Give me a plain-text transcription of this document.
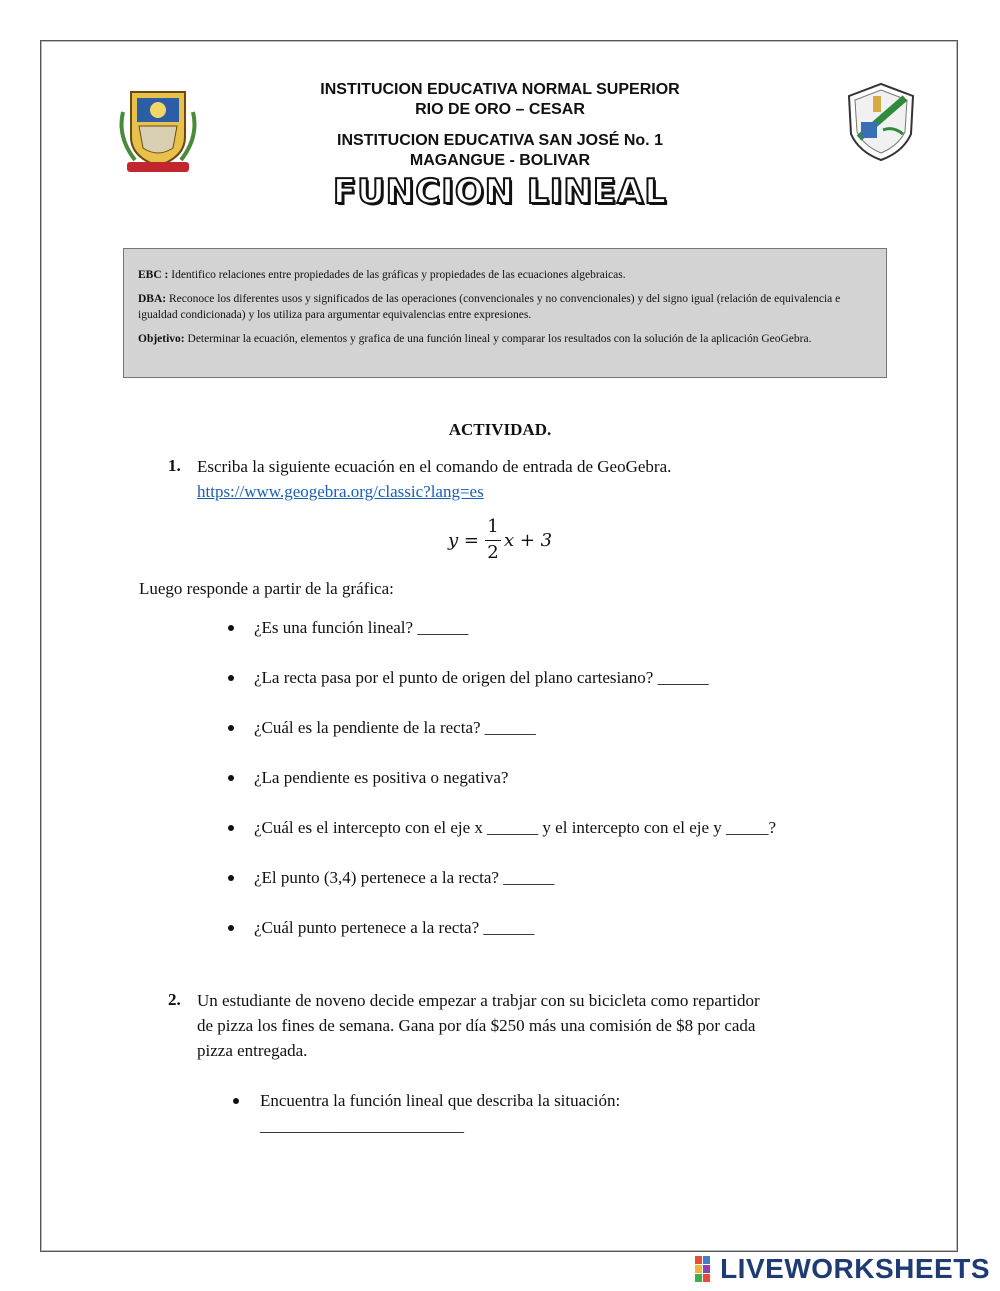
INSTITUCION EDUCATIVA NORMAL SUPERIOR
RIO DE ORO – CESAR
INSTITUCION EDUCATIVA SAN JOSÉ No. 1
MAGANGUE - BOLIVAR
FUNCION LINEAL

EBC : Identifico relaciones entre propiedades de las gráficas y propiedades de las ecuaciones algebraicas.

DBA: Reconoce los diferentes usos y significados de las operaciones (convencionales y no convencionales) y del signo igual (relación de equivalencia e igualdad condicionada) y los utiliza para argumentar equivalencias entre expresiones.

Objetivo: Determinar la ecuación, elementos y grafica de una función lineal y comparar los resultados con la solución de la aplicación GeoGebra.

ACTIVIDAD.
1. Escriba la siguiente ecuación en el comando de entrada de GeoGebra.
https://www.geogebra.org/classic?lang=es
y =
1
2
x + 3
Luego responde a partir de la gráfica:
¿Es una función lineal? ______
¿La recta pasa por el punto de origen del plano cartesiano? ______
¿Cuál es la pendiente de la recta? ______
¿La pendiente es positiva o negativa?
¿Cuál es el intercepto con el eje x ______ y el intercepto con el eje y _____?
¿El punto (3,4) pertenece a la recta? ______
¿Cuál punto pertenece a la recta? ______
2. Un estudiante de noveno decide empezar a trabjar con su bicicleta como repartidor
de pizza los fines de semana. Gana por día $250 más una comisión de $8 por cada
pizza entregada.
Encuentra la función lineal que describa la situación:
________________________
LIVEWORKSHEETS
